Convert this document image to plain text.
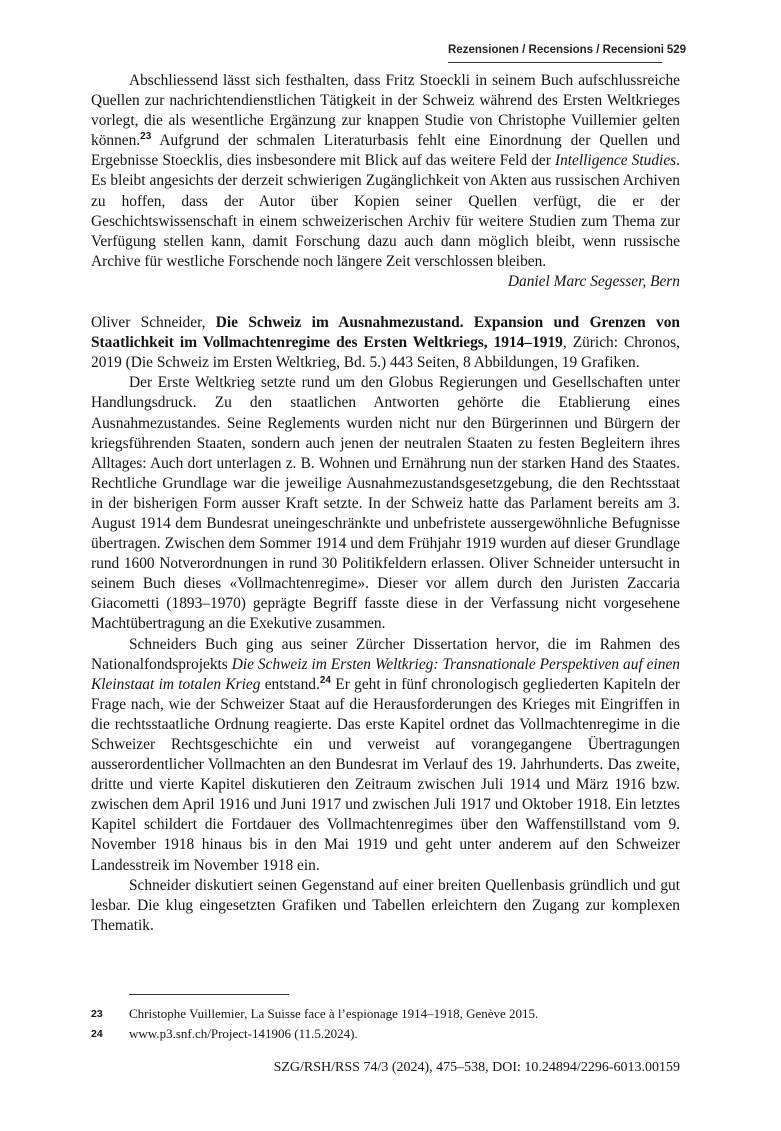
Rezensionen / Recensions / Recensioni 529

Abschliessend lässt sich festhalten, dass Fritz Stoeckli in seinem Buch aufschlussreiche Quellen zur nachrichtendienstlichen Tätigkeit in der Schweiz während des Ersten Weltkrieges vorlegt, die als wesentliche Ergänzung zur knappen Studie von Christophe Vuillemier gelten können.$^{23}$ Aufgrund der schmalen Literaturbasis fehlt eine Einordnung der Quellen und Ergebnisse Stoecklis, dies insbesondere mit Blick auf das weitere Feld der Intelligence Studies. Es bleibt angesichts der derzeit schwierigen Zugänglichkeit von Akten aus russischen Archiven zu hoffen, dass der Autor über Kopien seiner Quellen verfügt, die er der Geschichtswissenschaft in einem schweizerischen Archiv für weitere Studien zum Thema zur Verfügung stellen kann, damit Forschung dazu auch dann möglich bleibt, wenn russische Archive für westliche Forschende noch längere Zeit verschlossen bleiben.

Daniel Marc Segesser, Bern

Oliver Schneider, Die Schweiz im Ausnahmezustand. Expansion und Grenzen von Staatlichkeit im Vollmachtenregime des Ersten Weltkriegs, 1914–1919, Zürich: Chronos, 2019 (Die Schweiz im Ersten Weltkrieg, Bd. 5.) 443 Seiten, 8 Abbildungen, 19 Grafiken.

Der Erste Weltkrieg setzte rund um den Globus Regierungen und Gesellschaften unter Handlungsdruck. Zu den staatlichen Antworten gehörte die Etablierung eines Ausnahmezustandes. Seine Reglements wurden nicht nur den Bürgerinnen und Bürgern der kriegsführenden Staaten, sondern auch jenen der neutralen Staaten zu festen Begleitern ihres Alltages: Auch dort unterlagen z. B. Wohnen und Ernährung nun der starken Hand des Staates. Rechtliche Grundlage war die jeweilige Ausnahmezustandsgesetzgebung, die den Rechtsstaat in der bisherigen Form ausser Kraft setzte. In der Schweiz hatte das Parlament bereits am 3. August 1914 dem Bundesrat uneingeschränkte und unbefristete aussergewöhnliche Befugnisse übertragen. Zwischen dem Sommer 1914 und dem Frühjahr 1919 wurden auf dieser Grundlage rund 1600 Notverordnungen in rund 30 Politikfeldern erlassen. Oliver Schneider untersucht in seinem Buch dieses «Vollmachtenregime». Dieser vor allem durch den Juristen Zaccaria Giacometti (1893–1970) geprägte Begriff fasste diese in der Verfassung nicht vorgesehene Machtübertragung an die Exekutive zusammen.

Schneiders Buch ging aus seiner Zürcher Dissertation hervor, die im Rahmen des Nationalfondsprojekts Die Schweiz im Ersten Weltkrieg: Transnationale Perspektiven auf einen Kleinstaat im totalen Krieg entstand.$^{24}$ Er geht in fünf chronologisch gegliederten Kapiteln der Frage nach, wie der Schweizer Staat auf die Herausforderungen des Krieges mit Eingriffen in die rechtsstaatliche Ordnung reagierte. Das erste Kapitel ordnet das Vollmachtenregime in die Schweizer Rechtsgeschichte ein und verweist auf vorangegangene Übertragungen ausserordentlicher Vollmachten an den Bundesrat im Verlauf des 19. Jahrhunderts. Das zweite, dritte und vierte Kapitel diskutieren den Zeitraum zwischen Juli 1914 und März 1916 bzw. zwischen dem April 1916 und Juni 1917 und zwischen Juli 1917 und Oktober 1918. Ein letztes Kapitel schildert die Fortdauer des Vollmachtenregimes über den Waffenstillstand vom 9. November 1918 hinaus bis in den Mai 1919 und geht unter anderem auf den Schweizer Landesstreik im November 1918 ein.

Schneider diskutiert seinen Gegenstand auf einer breiten Quellenbasis gründlich und gut lesbar. Die klug eingesetzten Grafiken und Tabellen erleichtern den Zugang zur komplexen Thematik.

23 Christophe Vuillemier, La Suisse face à l’espionage 1914–1918, Genève 2015.
24 www.p3.snf.ch/Project-141906 (11.5.2024).
SZG/RSH/RSS 74/3 (2024), 475–538, DOI: 10.24894/2296-6013.00159
